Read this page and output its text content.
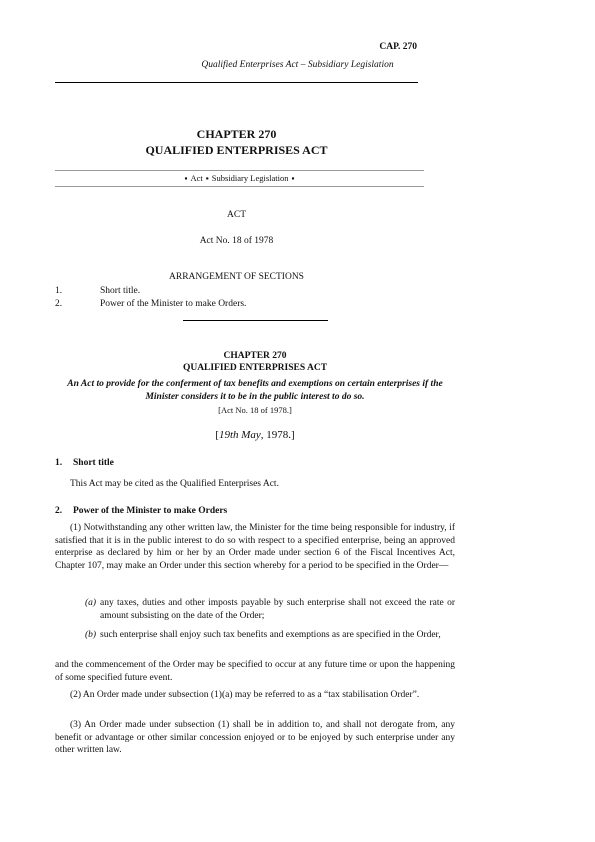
CAP. 270
Qualified Enterprises Act – Subsidiary Legislation
CHAPTER 270
QUALIFIED ENTERPRISES ACT
▪ Act ▪ Subsidiary Legislation ▪
ACT
Act No. 18 of 1978
ARRANGEMENT OF SECTIONS
1.	Short title.
2.	Power of the Minister to make Orders.
CHAPTER 270
QUALIFIED ENTERPRISES ACT
An Act to provide for the conferment of tax benefits and exemptions on certain enterprises if the Minister considers it to be in the public interest to do so.
[Act No. 18 of 1978.]
[19th May, 1978.]
1. Short title
This Act may be cited as the Qualified Enterprises Act.
2. Power of the Minister to make Orders
(1) Notwithstanding any other written law, the Minister for the time being responsible for industry, if satisfied that it is in the public interest to do so with respect to a specified enterprise, being an approved enterprise as declared by him or her by an Order made under section 6 of the Fiscal Incentives Act, Chapter 107, may make an Order under this section whereby for a period to be specified in the Order—
(a) any taxes, duties and other imposts payable by such enterprise shall not exceed the rate or amount subsisting on the date of the Order;
(b) such enterprise shall enjoy such tax benefits and exemptions as are specified in the Order,
and the commencement of the Order may be specified to occur at any future time or upon the happening of some specified future event.
(2) An Order made under subsection (1)(a) may be referred to as a “tax stabilisation Order”.
(3) An Order made under subsection (1) shall be in addition to, and shall not derogate from, any benefit or advantage or other similar concession enjoyed or to be enjoyed by such enterprise under any other written law.
